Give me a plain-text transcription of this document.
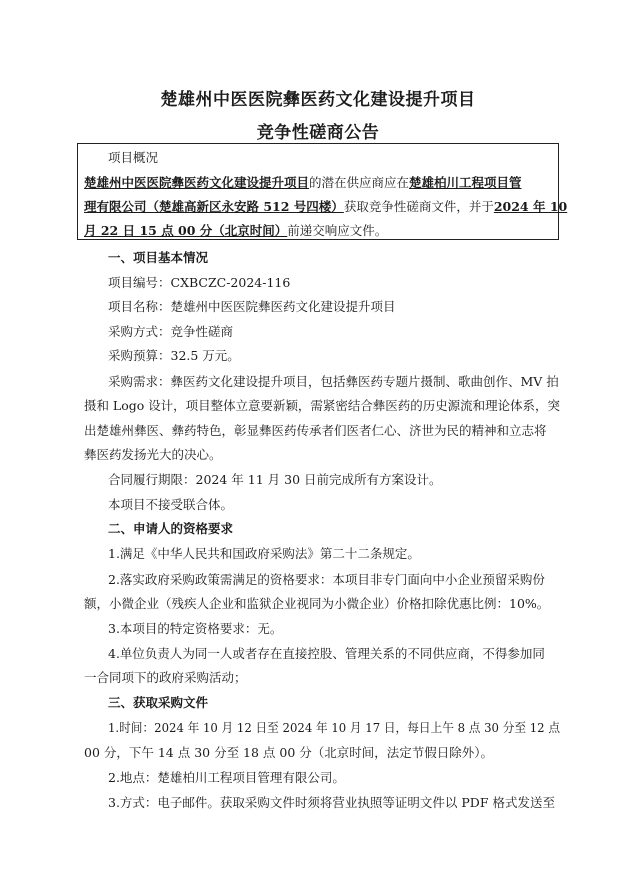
楚雄州中医医院彝医药文化建设提升项目
竞争性磋商公告
项目概况
楚雄州中医医院彝医药文化建设提升项目的潜在供应商应在楚雄柏川工程项目管
理有限公司（楚雄高新区永安路 512 号四楼）获取竞争性磋商文件，并于2024 年 10
月 22 日 15 点 00 分（北京时间）前递交响应文件。
一、项目基本情况
项目编号：CXBCZC-2024-116
项目名称：楚雄州中医医院彝医药文化建设提升项目
采购方式：竞争性磋商
采购预算：32.5 万元。
采购需求：彝医药文化建设提升项目，包括彝医药专题片摄制、歌曲创作、MV 拍
摄和 Logo 设计，项目整体立意要新颖，需紧密结合彝医药的历史源流和理论体系，突
出楚雄州彝医、彝药特色，彰显彝医药传承者们医者仁心、济世为民的精神和立志将
彝医药发扬光大的决心。
合同履行期限：2024 年 11 月 30 日前完成所有方案设计。
本项目不接受联合体。
二、申请人的资格要求
1.满足《中华人民共和国政府采购法》第二十二条规定。
2.落实政府采购政策需满足的资格要求：本项目非专门面向中小企业预留采购份
额，小微企业（残疾人企业和监狱企业视同为小微企业）价格扣除优惠比例：10%。
3.本项目的特定资格要求：无。
4.单位负责人为同一人或者存在直接控股、管理关系的不同供应商，不得参加同
一合同项下的政府采购活动；
三、获取采购文件
1.时间：2024 年 10 月 12 日至 2024 年 10 月 17 日，每日上午 8 点 30 分至 12 点
00 分，下午 14 点 30 分至 18 点 00 分（北京时间，法定节假日除外）。
2.地点：楚雄柏川工程项目管理有限公司。
3.方式：电子邮件。获取采购文件时须将营业执照等证明文件以 PDF 格式发送至
